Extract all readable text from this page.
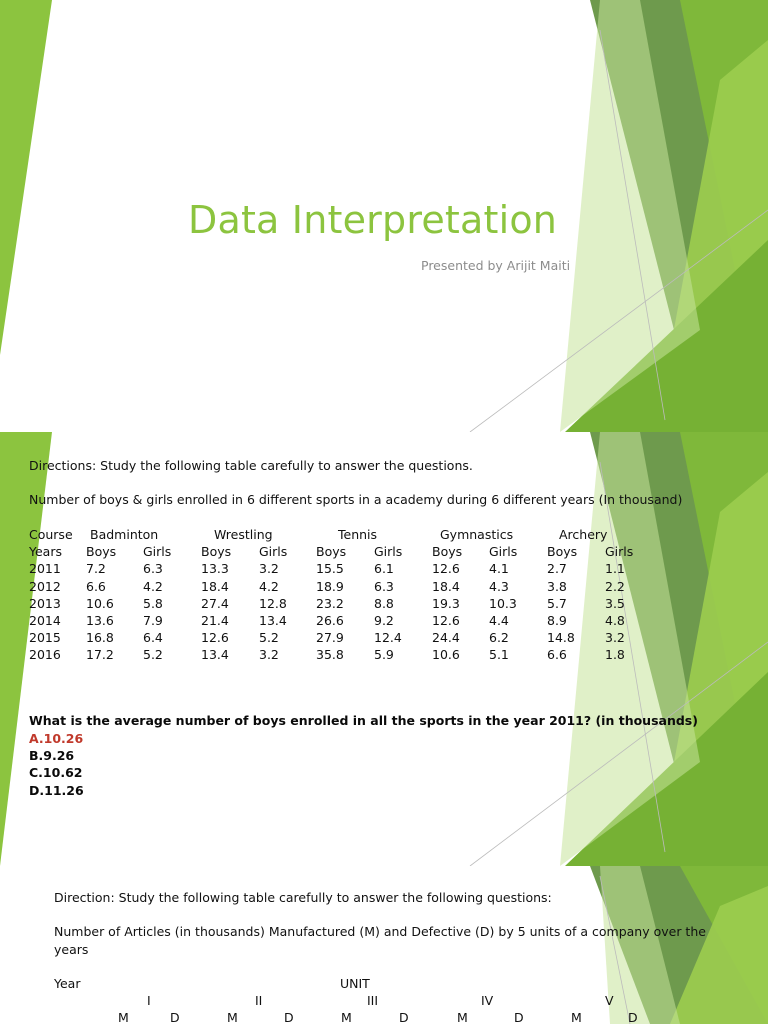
Data Interpretation

Presented by Arijit Maiti

Directions: Study the following table carefully to answer the questions.

Number of boys & girls enrolled in 6 different sports in a academy during 6 different years (In thousand)

Course Badminton	Wrestling	Tennis	Gymnastics	Archery
Years Boys Girls Boys Girls Boys Girls Boys Girls Boys Girls
2011 7.2	6.3	13.3 3.2	15.5 6.1	12.6 4.1	2.7	1.1
2012 6.6	4.2	18.4 4.2	18.9 6.3	18.4 4.3	3.8	2.2
2013 10.6 5.8	27.4 12.8 23.2 8.8	19.3 10.3 5.7	3.5
2014 13.6 7.9	21.4 13.4 26.6 9.2	12.6 4.4	8.9	4.8
2015 16.8 6.4	12.6 5.2	27.9 12.4 24.4 6.2	14.8 3.2
2016 17.2 5.2	13.4 3.2	35.8 5.9	10.6 5.1	6.6	1.8

What is the average number of boys enrolled in all the sports in the year 2011? (in thousands)

A.10.26

B.9.26

C.10.62

D.11.26

Direction: Study the following table carefully to answer the following questions:

Number of Articles (in thousands) Manufactured (M) and Defective (D) by 5 units of a company over the

years

Year	UNIT
I	II	III	IV	V
M	D	M	D	M	D	M	D	M	D
